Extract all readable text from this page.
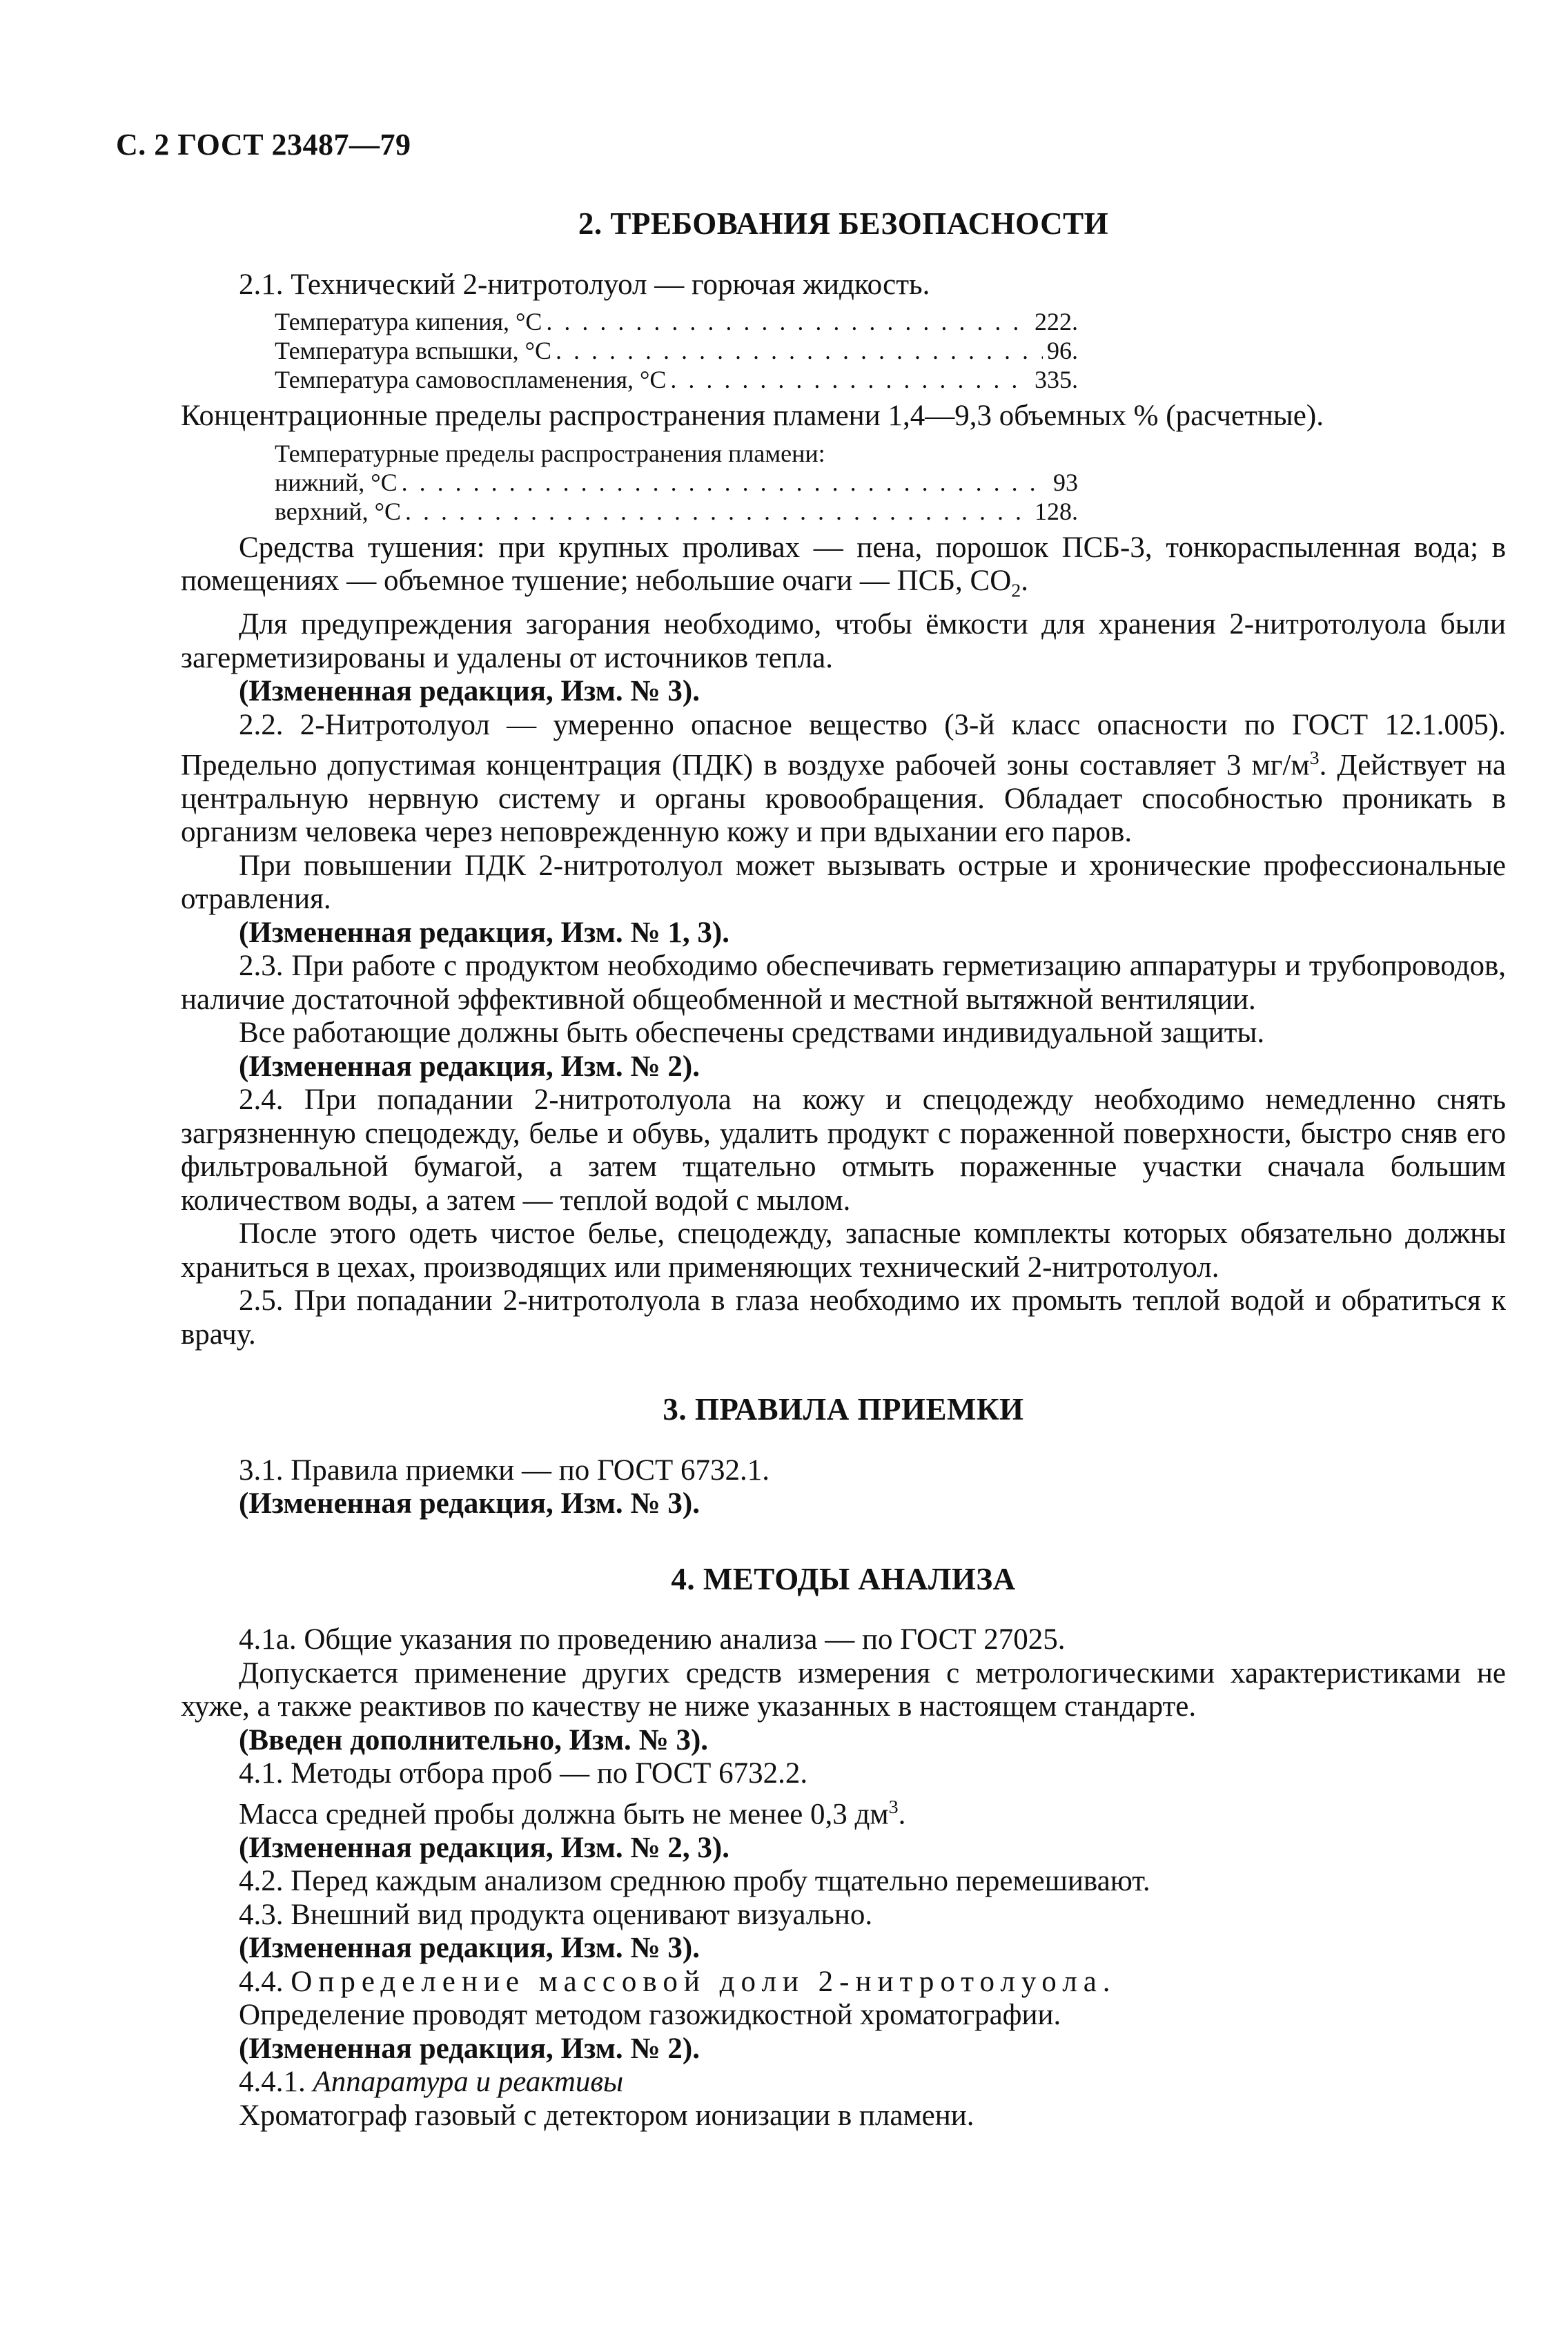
С. 2 ГОСТ 23487—79
2. ТРЕБОВАНИЯ БЕЗОПАСНОСТИ

2.1. Технический 2-нитротолуол — горючая жидкость.

Температура кипения, °С . . .	222.
Температура вспышки, °С . . .	96.
Температура самовоспламенения, °С . . .	335.

Концентрационные пределы распространения пламени 1,4—9,3 объемных % (расчетные).

Температурные пределы распространения пламени:
нижний, °С . . .	93
верхний, °С . . .	128.

Средства тушения: при крупных проливах — пена, порошок ПСБ-3, тонкораспыленная вода; в помещениях — объемное тушение; небольшие очаги — ПСБ, $СО_2$.

Для предупреждения загорания необходимо, чтобы ёмкости для хранения 2-нитротолуола были загерметизированы и удалены от источников тепла.

(Измененная редакция, Изм. № 3).

2.2. 2-Нитротолуол — умеренно опасное вещество (3-й класс опасности по ГОСТ 12.1.005). Предельно допустимая концентрация (ПДК) в воздухе рабочей зоны составляет 3 $мг/м^3$. Действует на центральную нервную систему и органы кровообращения. Обладает способностью проникать в организм человека через неповрежденную кожу и при вдыхании его паров.

При повышении ПДК 2-нитротолуол может вызывать острые и хронические профессиональные отравления.

(Измененная редакция, Изм. № 1, 3).

2.3. При работе с продуктом необходимо обеспечивать герметизацию аппаратуры и трубопроводов, наличие достаточной эффективной общеобменной и местной вытяжной вентиляции.

Все работающие должны быть обеспечены средствами индивидуальной защиты.

(Измененная редакция, Изм. № 2).

2.4. При попадании 2-нитротолуола на кожу и спецодежду необходимо немедленно снять загрязненную спецодежду, белье и обувь, удалить продукт с пораженной поверхности, быстро сняв его фильтровальной бумагой, а затем тщательно отмыть пораженные участки сначала большим количеством воды, а затем — теплой водой с мылом.

После этого одеть чистое белье, спецодежду, запасные комплекты которых обязательно должны храниться в цехах, производящих или применяющих технический 2-нитротолуол.

2.5. При попадании 2-нитротолуола в глаза необходимо их промыть теплой водой и обратиться к врачу.

3. ПРАВИЛА ПРИЕМКИ

3.1. Правила приемки — по ГОСТ 6732.1.

(Измененная редакция, Изм. № 3).

4. МЕТОДЫ АНАЛИЗА

4.1а. Общие указания по проведению анализа — по ГОСТ 27025.

Допускается применение других средств измерения с метрологическими характеристиками не хуже, а также реактивов по качеству не ниже указанных в настоящем стандарте.

(Введен дополнительно, Изм. № 3).

4.1. Методы отбора проб — по ГОСТ 6732.2.

Масса средней пробы должна быть не менее 0,3 $дм^3$.

(Измененная редакция, Изм. № 2, 3).

4.2. Перед каждым анализом среднюю пробу тщательно перемешивают.

4.3. Внешний вид продукта оценивают визуально.

(Измененная редакция, Изм. № 3).

4.4. Определение массовой доли 2-нитротолуола.

Определение проводят методом газожидкостной хроматографии.

(Измененная редакция, Изм. № 2).

4.4.1. Аппаратура и реактивы

Хроматограф газовый с детектором ионизации в пламени.
